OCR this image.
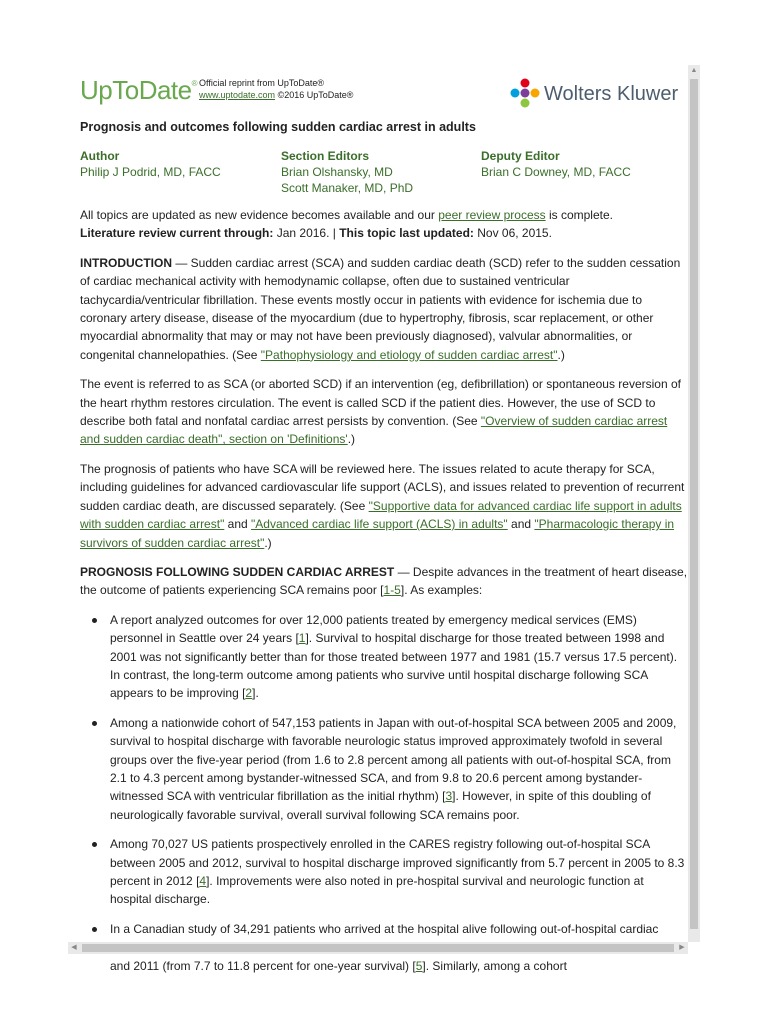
UpToDate® Official reprint from UpToDate®
www.uptodate.com ©2016 UpToDate®	Wolters Kluwer
Prognosis and outcomes following sudden cardiac arrest in adults
Author
Philip J Podrid, MD, FACC
Section Editors
Brian Olshansky, MD
Scott Manaker, MD, PhD
Deputy Editor
Brian C Downey, MD, FACC

All topics are updated as new evidence becomes available and our peer review process is complete.
Literature review current through: Jan 2016. | This topic last updated: Nov 06, 2015.

INTRODUCTION — Sudden cardiac arrest (SCA) and sudden cardiac death (SCD) refer to the sudden cessation of cardiac mechanical activity with hemodynamic collapse, often due to sustained ventricular tachycardia/ventricular fibrillation. These events mostly occur in patients with evidence for ischemia due to coronary artery disease, disease of the myocardium (due to hypertrophy, fibrosis, scar replacement, or other myocardial abnormality that may or may not have been previously diagnosed), valvular abnormalities, or congenital channelopathies. (See "Pathophysiology and etiology of sudden cardiac arrest".)

The event is referred to as SCA (or aborted SCD) if an intervention (eg, defibrillation) or spontaneous reversion of the heart rhythm restores circulation. The event is called SCD if the patient dies. However, the use of SCD to describe both fatal and nonfatal cardiac arrest persists by convention. (See "Overview of sudden cardiac arrest and sudden cardiac death", section on 'Definitions'.)

The prognosis of patients who have SCA will be reviewed here. The issues related to acute therapy for SCA, including guidelines for advanced cardiovascular life support (ACLS), and issues related to prevention of recurrent sudden cardiac death, are discussed separately. (See "Supportive data for advanced cardiac life support in adults with sudden cardiac arrest" and "Advanced cardiac life support (ACLS) in adults" and "Pharmacologic therapy in survivors of sudden cardiac arrest".)

PROGNOSIS FOLLOWING SUDDEN CARDIAC ARREST — Despite advances in the treatment of heart disease, the outcome of patients experiencing SCA remains poor [1-5]. As examples:

A report analyzed outcomes for over 12,000 patients treated by emergency medical services (EMS) personnel in Seattle over 24 years [1]. Survival to hospital discharge for those treated between 1998 and 2001 was not significantly better than for those treated between 1977 and 1981 (15.7 versus 17.5 percent). In contrast, the long-term outcome among patients who survive until hospital discharge following SCA appears to be improving [2].
Among a nationwide cohort of 547,153 patients in Japan with out-of-hospital SCA between 2005 and 2009, survival to hospital discharge with favorable neurologic status improved approximately twofold in several groups over the five-year period (from 1.6 to 2.8 percent among all patients with out-of-hospital SCA, from 2.1 to 4.3 percent among bystander-witnessed SCA, and from 9.8 to 20.6 percent among bystander-witnessed SCA with ventricular fibrillation as the initial rhythm) [3]. However, in spite of this doubling of neurologically favorable survival, overall survival following SCA remains poor.
Among 70,027 US patients prospectively enrolled in the CARES registry following out-of-hospital SCA between 2005 and 2012, survival to hospital discharge improved significantly from 5.7 percent in 2005 to 8.3 percent in 2012 [4]. Improvements were also noted in pre-hospital survival and neurologic function at hospital discharge.
In a Canadian study of 34,291 patients who arrived at the hospital alive following out-of-hospital cardiac and 2011 (from 7.7 to 11.8 percent for one-year survival) [5]. Similarly, among a cohort
▲
◀	▶
